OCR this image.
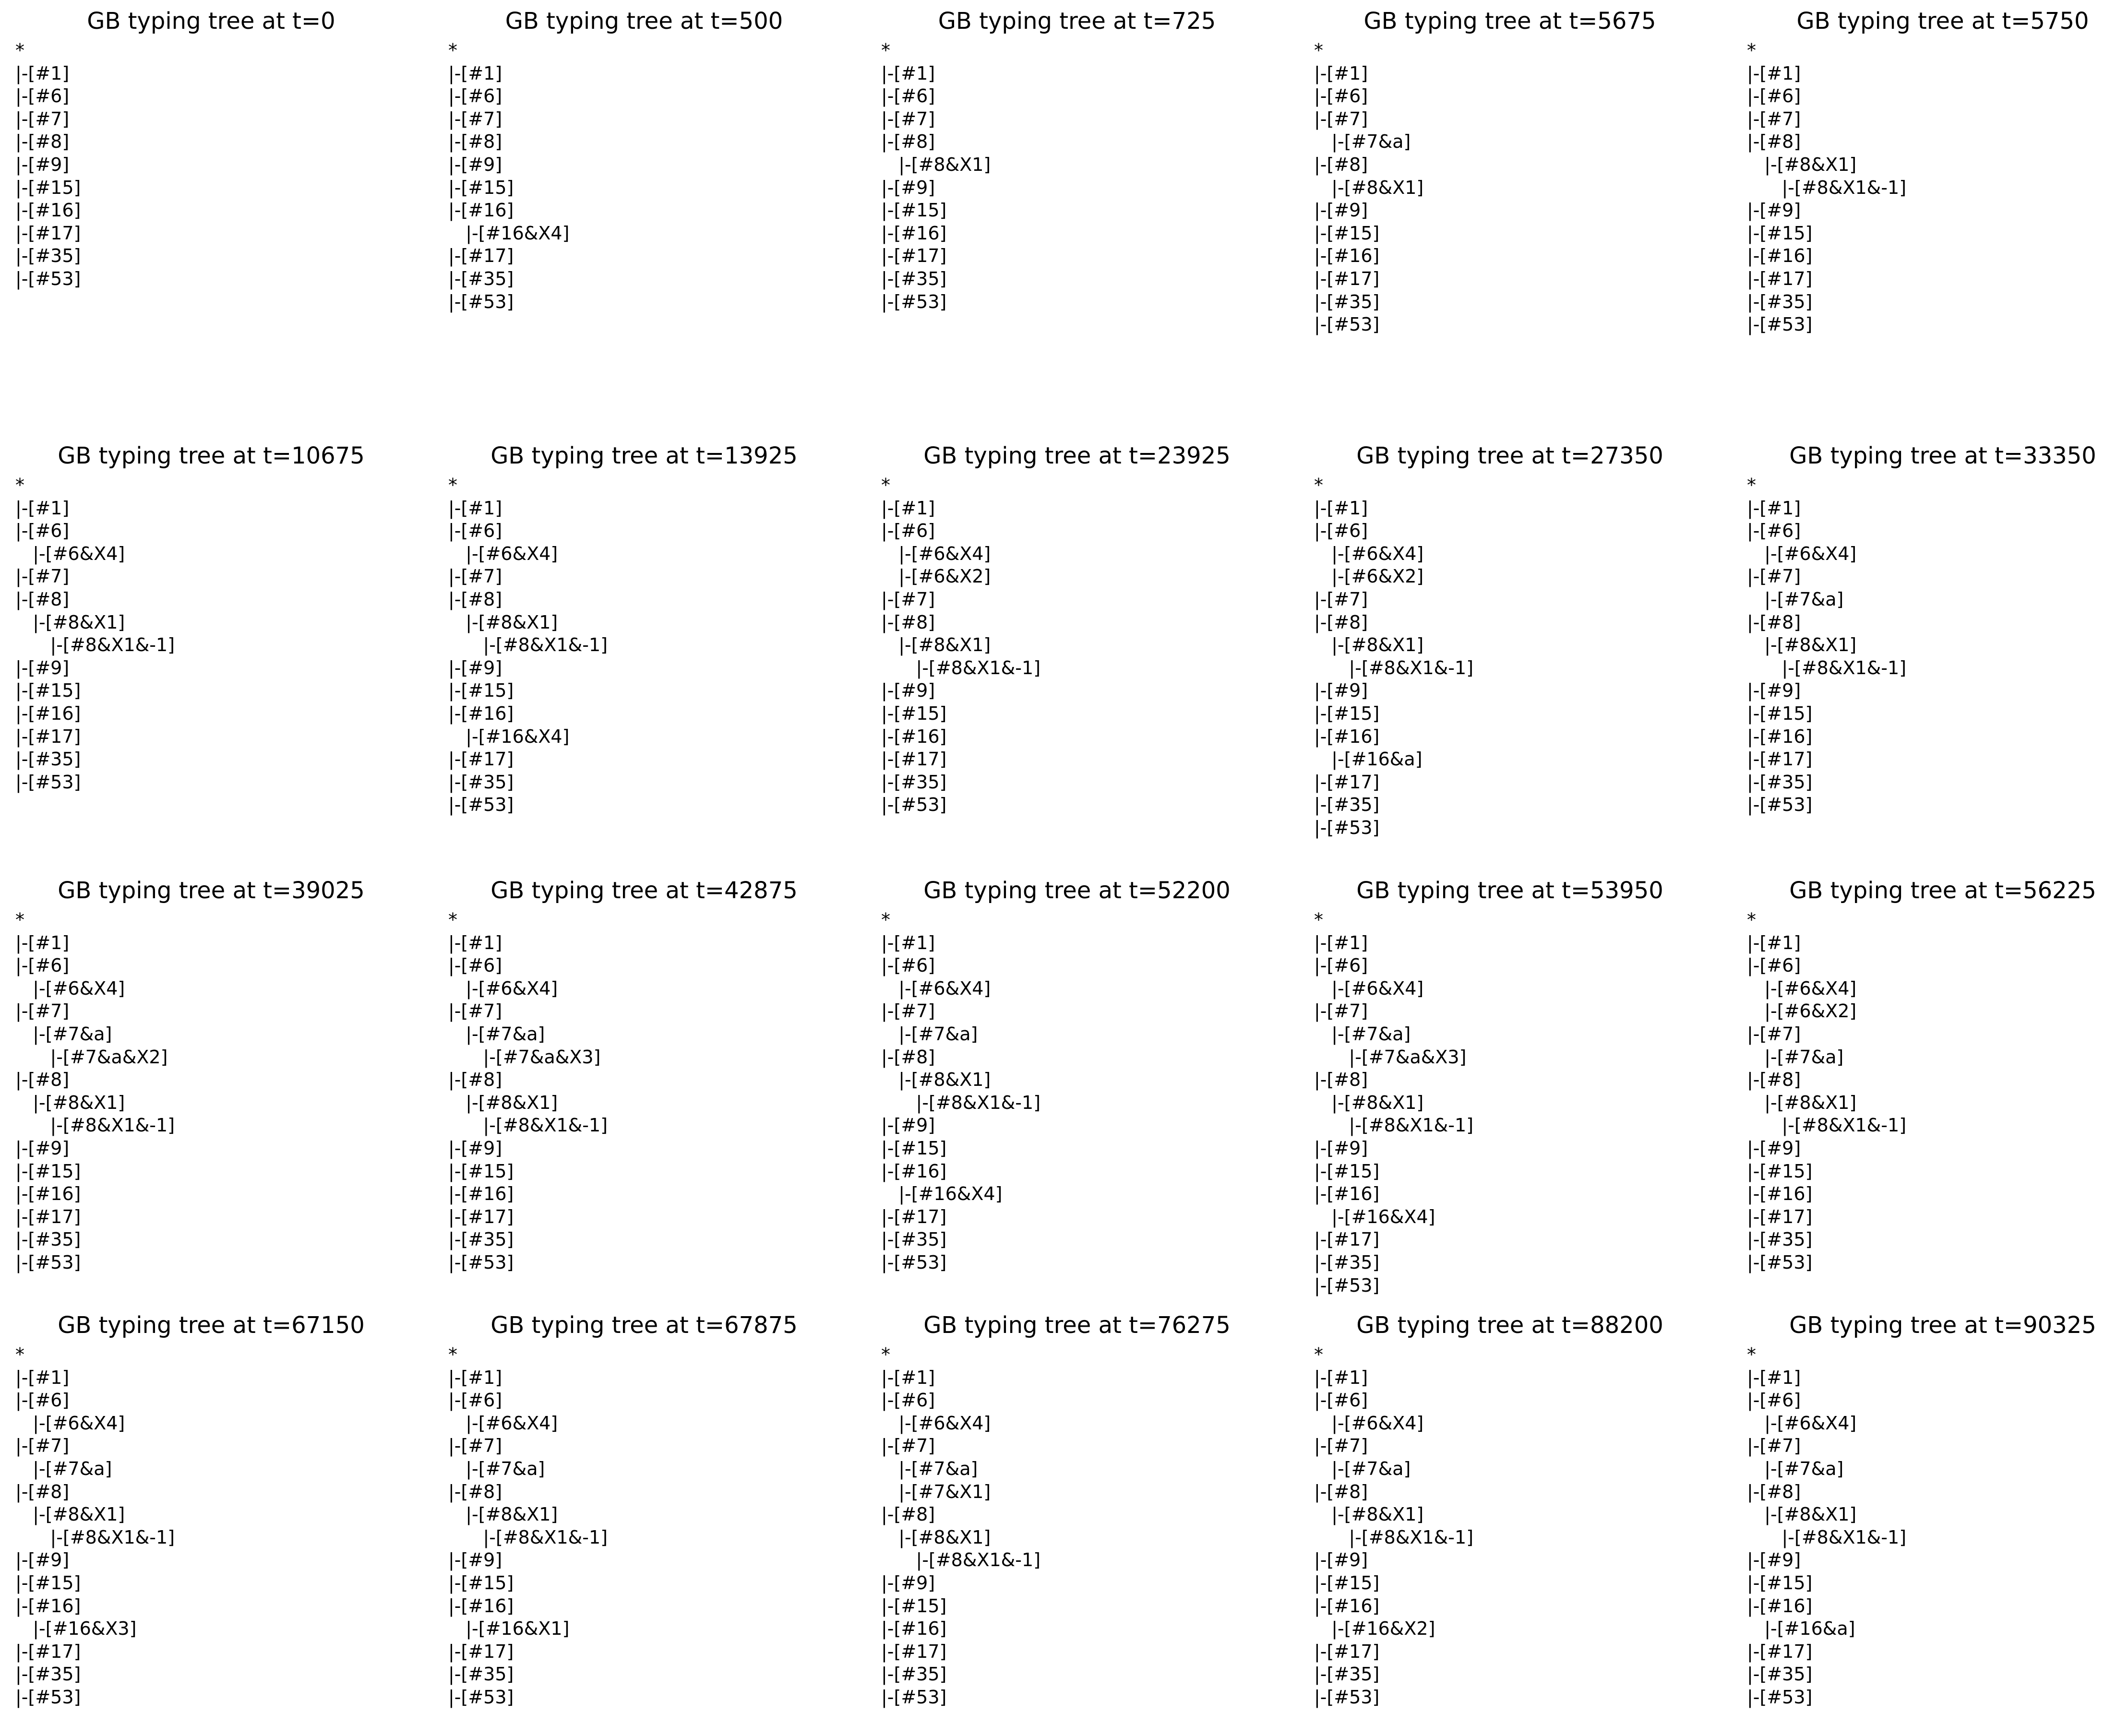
GB typing tree at t=0
*
|-[#1]
|-[#6]
|-[#7]
|-[#8]
|-[#9]
|-[#15]
|-[#16]
|-[#17]
|-[#35]
|-[#53]
GB typing tree at t=500
*
|-[#1]
|-[#6]
|-[#7]
|-[#8]
|-[#9]
|-[#15]
|-[#16]
|-[#16&X4]
|-[#17]
|-[#35]
|-[#53]
GB typing tree at t=725
*
|-[#1]
|-[#6]
|-[#7]
|-[#8]
|-[#8&X1]
|-[#9]
|-[#15]
|-[#16]
|-[#17]
|-[#35]
|-[#53]
GB typing tree at t=5675
*
|-[#1]
|-[#6]
|-[#7]
|-[#7&a]
|-[#8]
|-[#8&X1]
|-[#9]
|-[#15]
|-[#16]
|-[#17]
|-[#35]
|-[#53]
GB typing tree at t=5750
*
|-[#1]
|-[#6]
|-[#7]
|-[#8]
|-[#8&X1]
|-[#8&X1&-1]
|-[#9]
|-[#15]
|-[#16]
|-[#17]
|-[#35]
|-[#53]
GB typing tree at t=10675
*
|-[#1]
|-[#6]
|-[#6&X4]
|-[#7]
|-[#8]
|-[#8&X1]
|-[#8&X1&-1]
|-[#9]
|-[#15]
|-[#16]
|-[#17]
|-[#35]
|-[#53]
GB typing tree at t=13925
*
|-[#1]
|-[#6]
|-[#6&X4]
|-[#7]
|-[#8]
|-[#8&X1]
|-[#8&X1&-1]
|-[#9]
|-[#15]
|-[#16]
|-[#16&X4]
|-[#17]
|-[#35]
|-[#53]
GB typing tree at t=23925
*
|-[#1]
|-[#6]
|-[#6&X4]
|-[#6&X2]
|-[#7]
|-[#8]
|-[#8&X1]
|-[#8&X1&-1]
|-[#9]
|-[#15]
|-[#16]
|-[#17]
|-[#35]
|-[#53]
GB typing tree at t=27350
*
|-[#1]
|-[#6]
|-[#6&X4]
|-[#6&X2]
|-[#7]
|-[#8]
|-[#8&X1]
|-[#8&X1&-1]
|-[#9]
|-[#15]
|-[#16]
|-[#16&a]
|-[#17]
|-[#35]
|-[#53]
GB typing tree at t=33350
*
|-[#1]
|-[#6]
|-[#6&X4]
|-[#7]
|-[#7&a]
|-[#8]
|-[#8&X1]
|-[#8&X1&-1]
|-[#9]
|-[#15]
|-[#16]
|-[#17]
|-[#35]
|-[#53]
GB typing tree at t=39025
*
|-[#1]
|-[#6]
|-[#6&X4]
|-[#7]
|-[#7&a]
|-[#7&a&X2]
|-[#8]
|-[#8&X1]
|-[#8&X1&-1]
|-[#9]
|-[#15]
|-[#16]
|-[#17]
|-[#35]
|-[#53]
GB typing tree at t=42875
*
|-[#1]
|-[#6]
|-[#6&X4]
|-[#7]
|-[#7&a]
|-[#7&a&X3]
|-[#8]
|-[#8&X1]
|-[#8&X1&-1]
|-[#9]
|-[#15]
|-[#16]
|-[#17]
|-[#35]
|-[#53]
GB typing tree at t=52200
*
|-[#1]
|-[#6]
|-[#6&X4]
|-[#7]
|-[#7&a]
|-[#8]
|-[#8&X1]
|-[#8&X1&-1]
|-[#9]
|-[#15]
|-[#16]
|-[#16&X4]
|-[#17]
|-[#35]
|-[#53]
GB typing tree at t=53950
*
|-[#1]
|-[#6]
|-[#6&X4]
|-[#7]
|-[#7&a]
|-[#7&a&X3]
|-[#8]
|-[#8&X1]
|-[#8&X1&-1]
|-[#9]
|-[#15]
|-[#16]
|-[#16&X4]
|-[#17]
|-[#35]
|-[#53]
GB typing tree at t=56225
*
|-[#1]
|-[#6]
|-[#6&X4]
|-[#6&X2]
|-[#7]
|-[#7&a]
|-[#8]
|-[#8&X1]
|-[#8&X1&-1]
|-[#9]
|-[#15]
|-[#16]
|-[#17]
|-[#35]
|-[#53]
GB typing tree at t=67150
*
|-[#1]
|-[#6]
|-[#6&X4]
|-[#7]
|-[#7&a]
|-[#8]
|-[#8&X1]
|-[#8&X1&-1]
|-[#9]
|-[#15]
|-[#16]
|-[#16&X3]
|-[#17]
|-[#35]
|-[#53]
GB typing tree at t=67875
*
|-[#1]
|-[#6]
|-[#6&X4]
|-[#7]
|-[#7&a]
|-[#8]
|-[#8&X1]
|-[#8&X1&-1]
|-[#9]
|-[#15]
|-[#16]
|-[#16&X1]
|-[#17]
|-[#35]
|-[#53]
GB typing tree at t=76275
*
|-[#1]
|-[#6]
|-[#6&X4]
|-[#7]
|-[#7&a]
|-[#7&X1]
|-[#8]
|-[#8&X1]
|-[#8&X1&-1]
|-[#9]
|-[#15]
|-[#16]
|-[#17]
|-[#35]
|-[#53]
GB typing tree at t=88200
*
|-[#1]
|-[#6]
|-[#6&X4]
|-[#7]
|-[#7&a]
|-[#8]
|-[#8&X1]
|-[#8&X1&-1]
|-[#9]
|-[#15]
|-[#16]
|-[#16&X2]
|-[#17]
|-[#35]
|-[#53]
GB typing tree at t=90325
*
|-[#1]
|-[#6]
|-[#6&X4]
|-[#7]
|-[#7&a]
|-[#8]
|-[#8&X1]
|-[#8&X1&-1]
|-[#9]
|-[#15]
|-[#16]
|-[#16&a]
|-[#17]
|-[#35]
|-[#53]
